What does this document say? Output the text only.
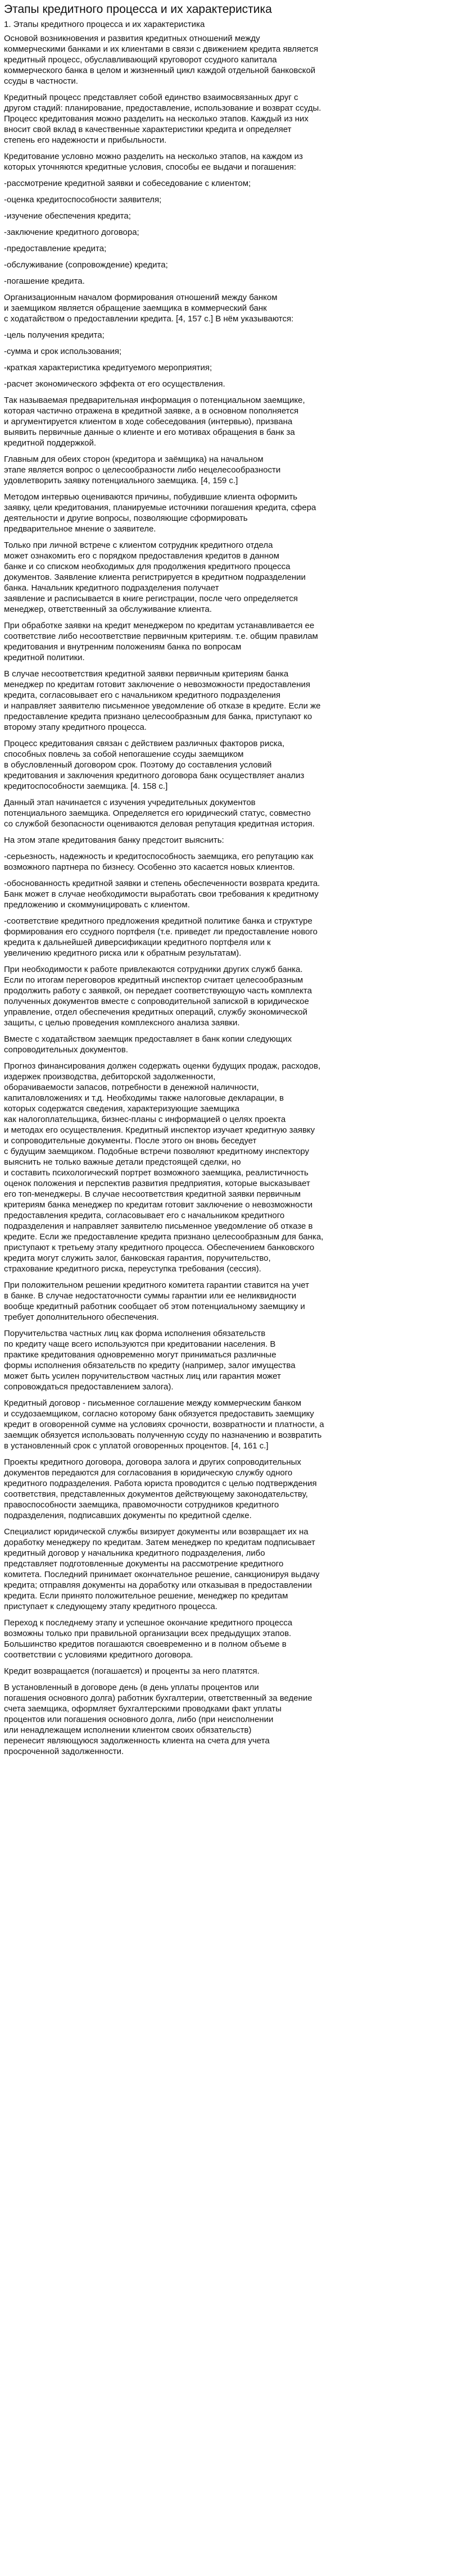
Этапы кредитного процесса и их характеристика
1. Этапы кредитного процесса и их характеристика

Основой возникновения и развития кредитных отношений между
коммерческими банками и их клиентами в связи с движением кредита является
кредитный процесс, обуславливающий круговорот ссудного капитала
коммерческого банка в целом и жизненный цикл каждой отдельной банковской
ссуды в частности.

Кредитный процесс представляет собой единство взаимосвязанных друг с
другом стадий: планирование, предоставление, использование и возврат ссуды.
Процесс кредитования можно разделить на несколько этапов. Каждый из них
вносит свой вклад в качественные характеристики кредита и определяет
степень его надежности и прибыльности.

Кредитование условно можно разделить на несколько этапов, на каждом из
которых уточняются кредитные условия, способы ее выдачи и погашения:

-рассмотрение кредитной заявки и собеседование с клиентом;

-оценка кредитоспособности заявителя;

-изучение обеспечения кредита;

-заключение кредитного договора;

-предоставление кредита;

-обслуживание (сопровождение) кредита;

-погашение кредита.

Организационным началом формирования отношений между банком
и заемщиком является обращение заемщика в коммерческий банк
с ходатайством о предоставлении кредита. [4, 157 с.] В нём указываются:

-цель получения кредита;

-сумма и срок использования;

-краткая характеристика кредитуемого мероприятия;

-расчет экономического эффекта от его осуществления.

Так называемая предварительная информация о потенциальном заемщике,
которая частично отражена в кредитной заявке, а в основном пополняется
и аргументируется клиентом в ходе собеседования (интервью), призвана
выявить первичные данные о клиенте и его мотивах обращения в банк за
кредитной поддержкой.

Главным для обеих сторон (кредитора и заёмщика) на начальном
этапе является вопрос о целесообразности либо нецелесообразности
удовлетворить заявку потенциального заемщика. [4, 159 с.]

Методом интервью оцениваются причины, побудившие клиента оформить
заявку, цели кредитования, планируемые источники погашения кредита, сфера
деятельности и другие вопросы, позволяющие сформировать
предварительное мнение о заявителе.

Только при личной встрече с клиентом сотрудник кредитного отдела
может ознакомить его с порядком предоставления кредитов в данном
банке и со списком необходимых для продолжения кредитного процесса
документов. Заявление клиента регистрируется в кредитном подразделении
банка. Начальник кредитного подразделения получает
заявление и расписывается в книге регистрации, после чего определяется
менеджер, ответственный за обслуживание клиента.

При обработке заявки на кредит менеджером по кредитам устанавливается ее
соответствие либо несоответствие первичным критериям. т.е. общим правилам
кредитования и внутренним положениям банка по вопросам
кредитной политики.

В случае несоответствия кредитной заявки первичным критериям банка
менеджер по кредитам готовит заключение о невозможности предоставления
кредита, согласовывает его с начальником кредитного подразделения
и направляет заявителю письменное уведомление об отказе в кредите. Если же
предоставление кредита признано целесообразным для банка, приступают ко
второму этапу кредитного процесса.

Процесс кредитования связан с действием различных факторов риска,
способных повлечь за собой непогашение ссуды заемщиком
в обусловленный договором срок. Поэтому до составления условий
кредитования и заключения кредитного договора банк осуществляет анализ
кредитоспособности заемщика. [4. 158 с.]

Данный этап начинается с изучения учредительных документов
потенциального заемщика. Определяется его юридический статус, совместно
со службой безопасности оцениваются деловая репутация кредитная история.

На этом этапе кредитования банку предстоит выяснить:

-серьезность, надежность и кредитоспособность заемщика, его репутацию как
возможного партнера по бизнесу. Особенно это касается новых клиентов.

-обоснованность кредитной заявки и степень обеспеченности возврата кредита.
Банк может в случае необходимости выработать свои требования к кредитному
предложению и скоммуницировать с клиентом.

-соответствие кредитного предложения кредитной политике банка и структуре
формирования его ссудного портфеля (т.е. приведет ли предоставление нового
кредита к дальнейшей диверсификации кредитного портфеля или к
увеличению кредитного риска или к обратным результатам).

При необходимости к работе привлекаются сотрудники других служб банка.
Если по итогам переговоров кредитный инспектор считает целесообразным
продолжить работу с заявкой, он передает соответствующую часть комплекта
полученных документов вместе с сопроводительной запиской в юридическое
управление, отдел обеспечения кредитных операций, службу экономической
защиты, с целью проведения комплексного анализа заявки.

Вместе с ходатайством заемщик предоставляет в банк копии следующих
сопроводительных документов.

Прогноз финансирования должен содержать оценки будущих продаж, расходов,
издержек производства, дебиторской задолженности,
оборачиваемости запасов, потребности в денежной наличности,
капиталовложениях и т.д. Необходимы также налоговые декларации, в
которых содержатся сведения, характеризующие заемщика
как налогоплательщика, бизнес-планы с информацией о целях проекта
и методах его осуществления. Кредитный инспектор изучает кредитную заявку
и сопроводительные документы. После этого он вновь беседует
с будущим заемщиком. Подобные встречи позволяют кредитному инспектору
выяснить не только важные детали предстоящей сделки, но
и составить психологический портрет возможного заемщика, реалистичность
оценок положения и перспектив развития предприятия, которые высказывает
его топ-менеджеры. В случае несоответствия кредитной заявки первичным
критериям банка менеджер по кредитам готовит заключение о невозможности
предоставления кредита, согласовывает его с начальником кредитного
подразделения и направляет заявителю письменное уведомление об отказе в
кредите. Если же предоставление кредита признано целесообразным для банка,
приступают к третьему этапу кредитного процесса. Обеспечением банковского
кредита могут служить залог, банковская гарантия, поручительство,
страхование кредитного риска, переуступка требования (сессия).

При положительном решении кредитного комитета гарантии ставится на учет
в банке. В случае недостаточности суммы гарантии или ее неликвидности
вообще кредитный работник сообщает об этом потенциальному заемщику и
требует дополнительного обеспечения.

Поручительства частных лиц как форма исполнения обязательств
по кредиту чаще всего используются при кредитовании населения. В
практике кредитования одновременно могут приниматься различные
формы исполнения обязательств по кредиту (например, залог имущества
может быть усилен поручительством частных лиц или гарантия может
сопровождаться предоставлением залога).

Кредитный договор - письменное соглашение между коммерческим банком
и ссудозаемщиком, согласно которому банк обязуется предоставить заемщику
кредит в оговоренной сумме на условиях срочности, возвратности и платности, а
заемщик обязуется использовать полученную ссуду по назначению и возвратить
в установленный срок с уплатой оговоренных процентов. [4, 161 с.]

Проекты кредитного договора, договора залога и других сопроводительных
документов передаются для согласования в юридическую службу одного
кредитного подразделения. Работа юриста проводится с целью подтверждения
соответствия, представленных документов действующему законодательству,
правоспособности заемщика, правомочности сотрудников кредитного
подразделения, подписавших документы по кредитной сделке.

Специалист юридической службы визирует документы или возвращает их на
доработку менеджеру по кредитам. Затем менеджер по кредитам подписывает
кредитный договор у начальника кредитного подразделения, либо
представляет подготовленные документы на рассмотрение кредитного
комитета. Последний принимает окончательное решение, санкционируя выдачу
кредита; отправляя документы на доработку или отказывая в предоставлении
кредита. Если принято положительное решение, менеджер по кредитам
приступает к следующему этапу кредитного процесса.

Переход к последнему этапу и успешное окончание кредитного процесса
возможны только при правильной организации всех предыдущих этапов.
Большинство кредитов погашаются своевременно и в полном объеме в
соответствии с условиями кредитного договора.

Кредит возвращается (погашается) и проценты за него платятся.

В установленный в договоре день (в день уплаты процентов или
погашения основного долга) работник бухгалтерии, ответственный за ведение
счета заемщика, оформляет бухгалтерскими проводками факт уплаты
процентов или погашения основного долга, либо (при неисполнении
или ненадлежащем исполнении клиентом своих обязательств)
перенесит являющуюся задолженность клиента на счета для учета
просроченной задолженности.
